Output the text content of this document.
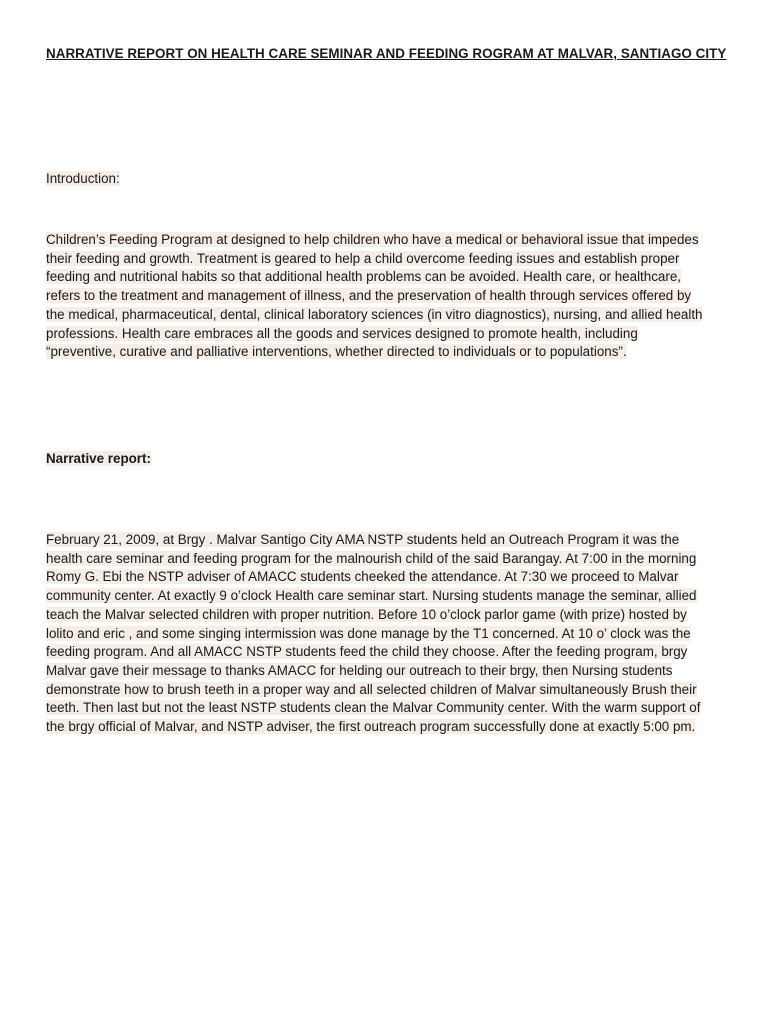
NARRATIVE REPORT ON HEALTH CARE SEMINAR AND FEEDING ROGRAM AT MALVAR, SANTIAGO CITY

Introduction:

Children’s Feeding Program at designed to help children who have a medical or behavioral issue that impedes
their feeding and growth. Treatment is geared to help a child overcome feeding issues and establish proper
feeding and nutritional habits so that additional health problems can be avoided. Health care, or healthcare,
refers to the treatment and management of illness, and the preservation of health through services offered by
the medical, pharmaceutical, dental, clinical laboratory sciences (in vitro diagnostics), nursing, and allied health
professions. Health care embraces all the goods and services designed to promote health, including
“preventive, curative and palliative interventions, whether directed to individuals or to populations”.

Narrative report:

February 21, 2009, at Brgy . Malvar Santigo City AMA NSTP students held an Outreach Program it was the
health care seminar and feeding program for the malnourish child of the said Barangay. At 7:00 in the morning
Romy G. Ebi the NSTP adviser of AMACC students cheeked the attendance. At 7:30 we proceed to Malvar
community center. At exactly 9 o’clock Health care seminar start. Nursing students manage the seminar, allied
teach the Malvar selected children with proper nutrition. Before 10 o’clock parlor game (with prize) hosted by
lolito and eric , and some singing intermission was done manage by the T1 concerned. At 10 o’ clock was the
feeding program. And all AMACC NSTP students feed the child they choose. After the feeding program, brgy
Malvar gave their message to thanks AMACC for helding our outreach to their brgy, then Nursing students
demonstrate how to brush teeth in a proper way and all selected children of Malvar simultaneously Brush their
teeth. Then last but not the least NSTP students clean the Malvar Community center. With the warm support of
the brgy official of Malvar, and NSTP adviser, the first outreach program successfully done at exactly 5:00 pm.
